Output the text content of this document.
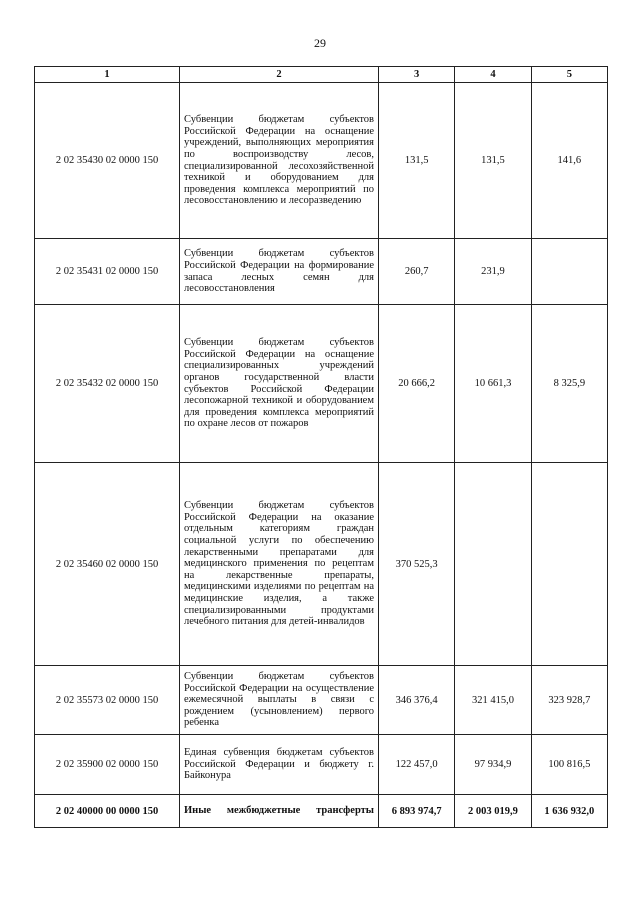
29
1	2	3	4	5
2 02 35430 02 0000 150	Субвенции бюджетам субъектов Российской Федерации на оснащение учреждений, выполняющих мероприятия по воспроизводству лесов, специализированной лесохозяйственной техникой и оборудованием для проведения комплекса мероприятий по лесовосстановлению и лесоразведению	131,5	131,5	141,6
2 02 35431 02 0000 150	Субвенции бюджетам субъектов Российской Федерации на формирование запаса лесных семян для лесовосстановления	260,7	231,9	
2 02 35432 02 0000 150	Субвенции бюджетам субъектов Российской Федерации на оснащение специализированных учреждений органов государственной власти субъектов Российской Федерации лесопожарной техникой и оборудованием для проведения комплекса мероприятий по охране лесов от пожаров	20 666,2	10 661,3	8 325,9
2 02 35460 02 0000 150	Субвенции бюджетам субъектов Российской Федерации на оказание отдельным категориям граждан социальной услуги по обеспечению лекарственными препаратами для медицинского применения по рецептам на лекарственные препараты, медицинскими изделиями по рецептам на медицинские изделия, а также специализированными продуктами лечебного питания для детей-инвалидов	370 525,3		
2 02 35573 02 0000 150	Субвенции бюджетам субъектов Российской Федерации на осуществление ежемесячной выплаты в связи с рождением (усыновлением) первого ребенка	346 376,4	321 415,0	323 928,7
2 02 35900 02 0000 150	Единая субвенция бюджетам субъектов Российской Федерации и бюджету г. Байконура	122 457,0	97 934,9	100 816,5
2 02 40000 00 0000 150	Иные межбюджетные трансферты	6 893 974,7	2 003 019,9	1 636 932,0
